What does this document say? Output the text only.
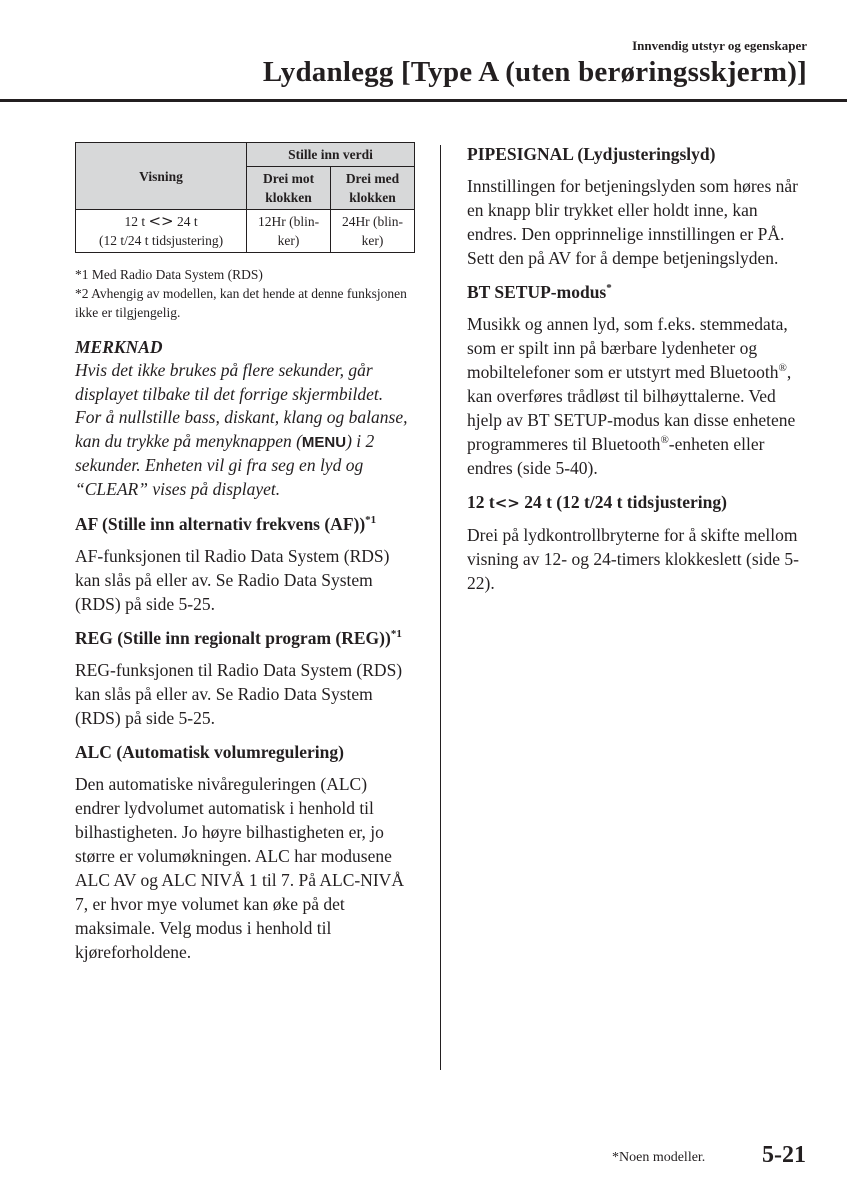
Innvendig utstyr og egenskaper
Lydanlegg [Type A (uten berøringsskjerm)]
Visning	Stille inn verdi	
	Drei mot klokken	Drei med klokken
12 t <> 24 t
(12 t/24 t tidsjustering)	12Hr (blin-ker)	24Hr (blin-ker)

*1 Med Radio Data System (RDS)

*2 Avhengig av modellen, kan det hende at denne funksjonen ikke er tilgjengelig.

MERKNAD

Hvis det ikke brukes på flere sekunder, går displayet tilbake til det forrige skjermbildet. For å nullstille bass, diskant, klang og balanse, kan du trykke på menyknappen (MENU) i 2 sekunder. Enheten vil gi fra seg en lyd og “CLEAR” vises på displayet.

AF (Stille inn alternativ frekvens (AF))$^{*1}$

AF-funksjonen til Radio Data System (RDS) kan slås på eller av. Se Radio Data System (RDS) på side 5-25.

REG (Stille inn regionalt program (REG))$^{*1}$

REG-funksjonen til Radio Data System (RDS) kan slås på eller av. Se Radio Data System (RDS) på side 5-25.

ALC (Automatisk volumregulering)

Den automatiske nivåreguleringen (ALC) endrer lydvolumet automatisk i henhold til bilhastigheten. Jo høyre bilhastigheten er, jo større er volumøkningen. ALC har modusene ALC AV og ALC NIVÅ 1 til 7. På ALC-NIVÅ 7, er hvor mye volumet kan øke på det maksimale. Velg modus i henhold til kjøreforholdene.

PIPESIGNAL (Lydjusteringslyd)

Innstillingen for betjeningslyden som høres når en knapp blir trykket eller holdt inne, kan endres. Den opprinnelige innstillingen er PÅ. Sett den på AV for å dempe betjeningslyden.

BT SETUP-modus*

Musikk og annen lyd, som f.eks. stemmedata, som er spilt inn på bærbare lydenheter og mobiltelefoner som er utstyrt med Bluetooth®, kan overføres trådløst til bilhøyttalerne. Ved hjelp av BT SETUP-modus kan disse enhetene programmeres til Bluetooth®-enheten eller endres (side 5-40).

12 t<> 24 t (12 t/24 t tidsjustering)

Drei på lydkontrollbryterne for å skifte mellom visning av 12- og 24-timers klokkeslett (side 5-22).

*Noen modeller. 5-21
